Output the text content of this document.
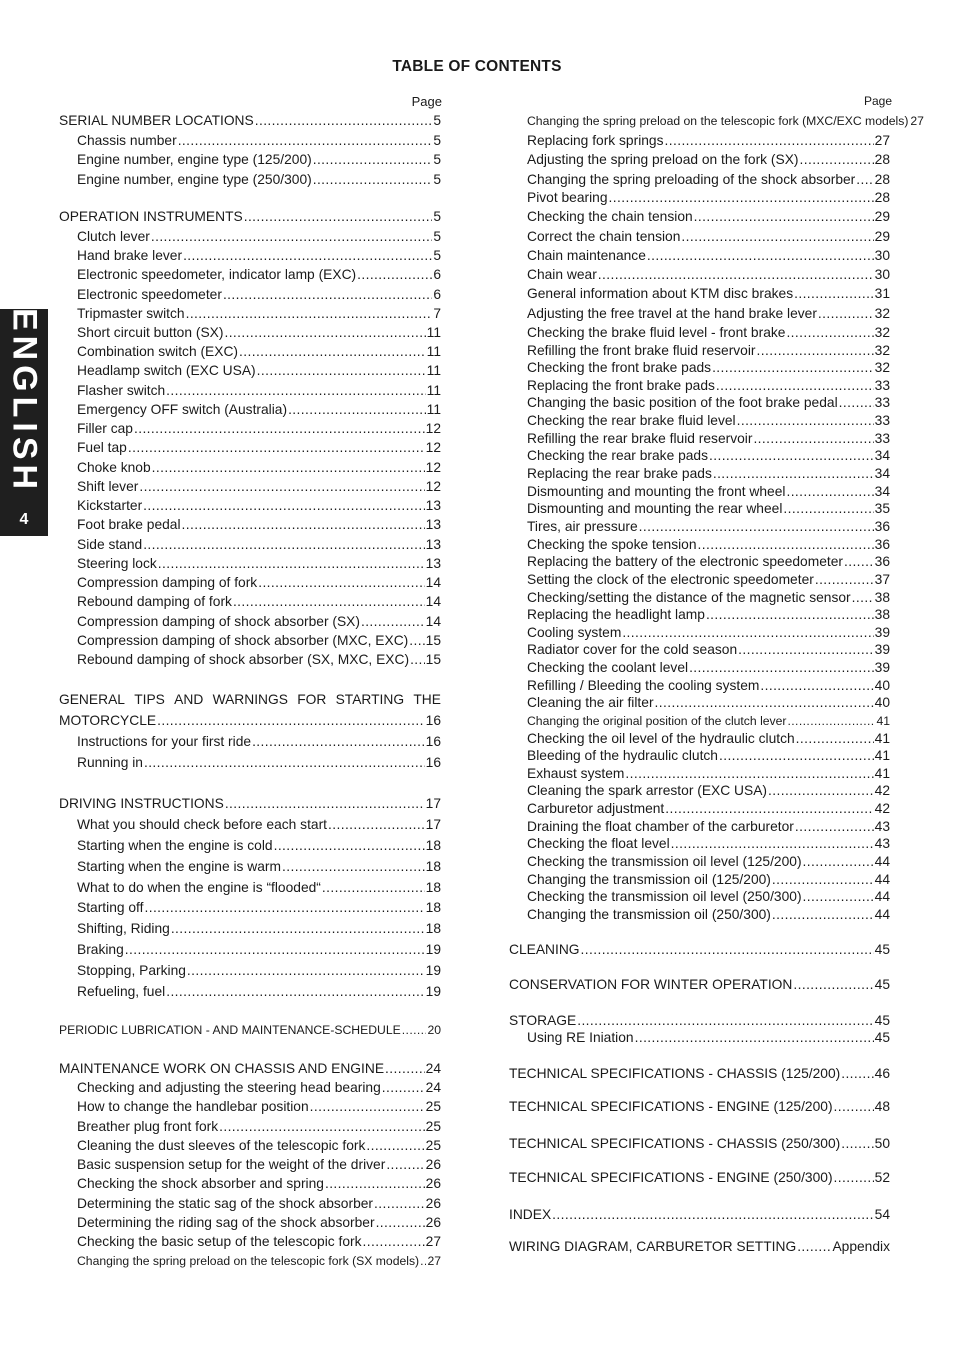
TABLE OF CONTENTS
ENGLISH
4
Page	Page
SERIAL NUMBER LOCATIONS .....	5
Chassis number .....	5
Engine number, engine type (125/200) .....	5
Engine number, engine type (250/300) .....	5
OPERATION INSTRUMENTS .....	5
Clutch lever .....	5
Hand brake lever .....	5
Electronic speedometer, indicator lamp (EXC) .....	6
Electronic speedometer .....	6
Tripmaster switch .....	7
Short circuit button (SX) .....	11
Combination switch (EXC) .....	11
Headlamp switch (EXC USA) .....	11
Flasher switch .....	11
Emergency OFF switch (Australia) .....	11
Filler cap .....	12
Fuel tap .....	12
Choke knob .....	12
Shift lever .....	12
Kickstarter .....	13
Foot brake pedal .....	13
Side stand .....	13
Steering lock .....	13
Compression damping of fork .....	14
Rebound damping of fork .....	14
Compression damping of shock absorber (SX) .....	14
Compression damping of shock absorber (MXC, EXC) ..... 15
Rebound damping of shock absorber (SX, MXC, EXC) ..... 15
GENERAL TIPS AND WARNINGS FOR STARTING THE
MOTORCYCLE .....	16
Instructions for your first ride .....	16
Running in .....	16
DRIVING INSTRUCTIONS .....	17
What you should check before each start .....	17
Starting when the engine is cold .....	18
Starting when the engine is warm .....	18
What to do when the engine is “flooded“ .....	18
Starting off .....	18
Shifting, Riding .....	18
Braking .....	19
Stopping, Parking .....	19
Refueling, fuel .....	19
PERIODIC LUBRICATION - AND MAINTENANCE-SCHEDULE ..... 20
MAINTENANCE WORK ON CHASSIS AND ENGINE .....	24
Checking and adjusting the steering head bearing .....	24
How to change the handlebar position .....	25
Breather plug front fork .....	25
Cleaning the dust sleeves of the telescopic fork .....	25
Basic suspension setup for the weight of the driver .....	26
Checking the shock absorber and spring .....	26
Determining the static sag of the shock absorber .....	26
Determining the riding sag of the shock absorber .....	26
Checking the basic setup of the telescopic fork .....	27
Changing the spring preload on the telescopic fork (SX models) ..... 27
Changing the spring preload on the telescopic fork (MXC/EXC models) 27
Replacing fork springs .....	27
Adjusting the spring preload on the fork (SX) .....	28
Changing the spring preloading of the shock absorber ..... 28
Pivot bearing .....	28
Checking the chain tension .....	29
Correct the chain tension .....	29
Chain maintenance .....	30
Chain wear .....	30
General information about KTM disc brakes .....	31
Adjusting the free travel at the hand brake lever .....	32
Checking the brake fluid level - front brake .....	32
Refilling the front brake fluid reservoir .....	32
Checking the front brake pads .....	32
Replacing the front brake pads .....	33
Changing the basic position of the foot brake pedal .....	33
Checking the rear brake fluid level .....	33
Refilling the rear brake fluid reservoir .....	33
Checking the rear brake pads .....	34
Replacing the rear brake pads .....	34
Dismounting and mounting the front wheel .....	34
Dismounting and mounting the rear wheel .....	35
Tires, air pressure .....	36
Checking the spoke tension .....	36
Replacing the battery of the electronic speedometer ..... 36
Setting the clock of the electronic speedometer .....	37
Checking/setting the distance of the magnetic sensor ..... 38
Replacing the headlight lamp .....	38
Cooling system .....	39
Radiator cover for the cold season .....	39
Checking the coolant level .....	39
Refilling / Bleeding the cooling system .....	40
Cleaning the air filter .....	40
Changing the original position of the clutch lever .....	41
Checking the oil level of the hydraulic clutch .....	41
Bleeding of the hydraulic clutch .....	41
Exhaust system .....	41
Cleaning the spark arrestor (EXC USA) .....	42
Carburetor adjustment .....	42
Draining the float chamber of the carburetor .....	43
Checking the float level .....	43
Checking the transmission oil level (125/200) .....	44
Changing the transmission oil (125/200) .....	44
Checking the transmission oil level (250/300) .....	44
Changing the transmission oil (250/300) .....	44
CLEANING .....	45
CONSERVATION FOR WINTER OPERATION .....	45
STORAGE .....	45
Using RE Iniation .....	45
TECHNICAL SPECIFICATIONS - CHASSIS (125/200) ..... 46
TECHNICAL SPECIFICATIONS - ENGINE (125/200) .....	48
TECHNICAL SPECIFICATIONS - CHASSIS (250/300) ..... 50
TECHNICAL SPECIFICATIONS - ENGINE (250/300) .....	52
INDEX .....	54
WIRING DIAGRAM, CARBURETOR SETTING .....	Appendix
